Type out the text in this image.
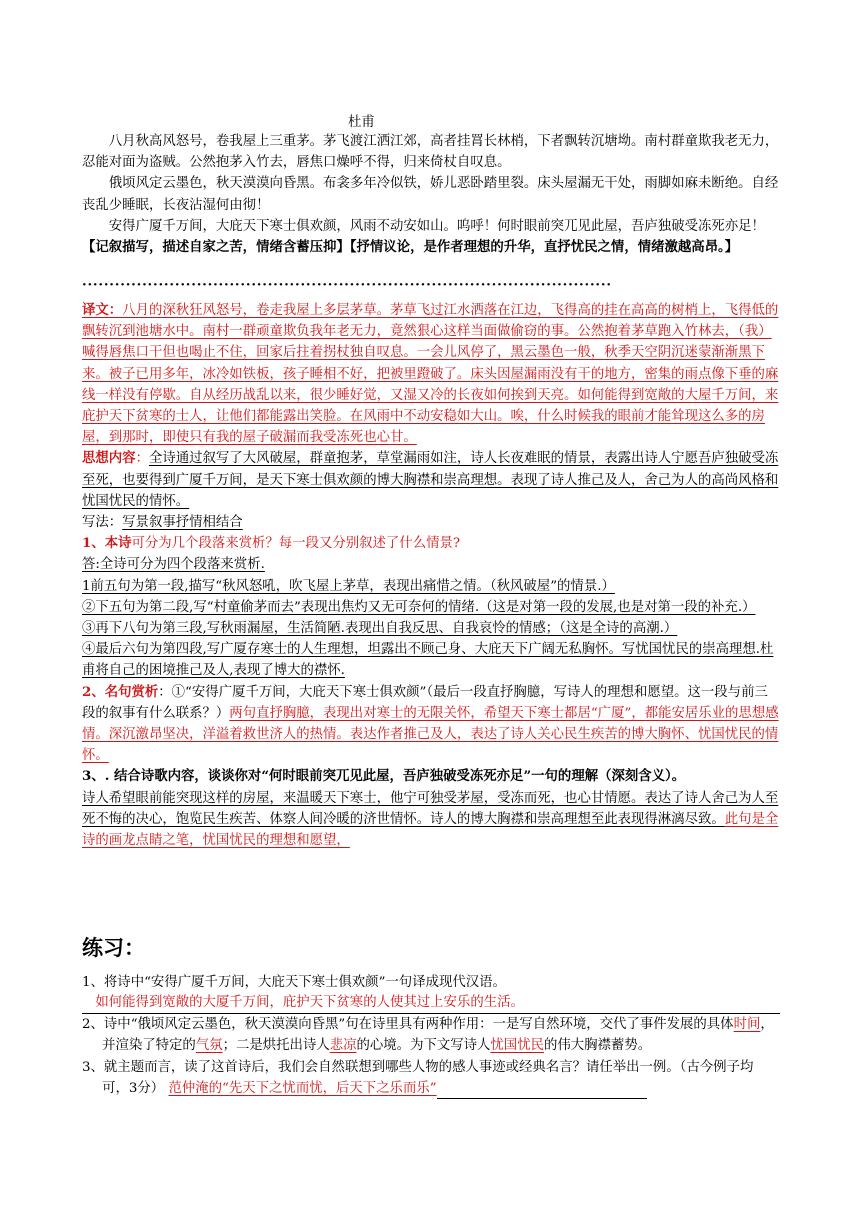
杜甫

八月秋高风怒号，卷我屋上三重茅。茅飞渡江洒江郊，高者挂罥长林梢，下者飘转沉塘坳。南村群童欺我老无力，忍能对面为盗贼。公然抱茅入竹去，唇焦口燥呼不得，归来倚杖自叹息。

俄顷风定云墨色，秋天漠漠向昏黑。布衾多年冷似铁，娇儿恶卧踏里裂。床头屋漏无干处，雨脚如麻未断绝。自经丧乱少睡眠，长夜沾湿何由彻！

安得广厦千万间，大庇天下寒士俱欢颜，风雨不动安如山。呜呼！何时眼前突兀见此屋，吾庐独破受冻死亦足！

【记叙描写，描述自家之苦，情绪含蓄压抑】【抒情议论，是作者理想的升华，直抒忧民之情，情绪激越高昂。】

·································································································

译文：八月的深秋狂风怒号，卷走我屋上多层茅草。茅草飞过江水洒落在江边，飞得高的挂在高高的树梢上，飞得低的飘转沉到池塘水中。南村一群顽童欺负我年老无力，竟然狠心这样当面做偷窃的事。公然抱着茅草跑入竹林去，（我）喊得唇焦口干但也喝止不住，回家后拄着拐杖独自叹息。一会儿风停了，黑云墨色一般，秋季天空阴沉迷蒙渐渐黑下来。被子已用多年，冰冷如铁板，孩子睡相不好，把被里蹬破了。床头因屋漏雨没有干的地方，密集的雨点像下垂的麻线一样没有停歇。自从经历战乱以来，很少睡好觉，又湿又冷的长夜如何挨到天亮。如何能得到宽敞的大屋千万间，来庇护天下贫寒的士人，让他们都能露出笑脸。在风雨中不动安稳如大山。唉，什么时候我的眼前才能耸现这么多的房屋，到那时，即使只有我的屋子破漏而我受冻死也心甘。

思想内容：全诗通过叙写了大风破屋，群童抱茅，草堂漏雨如注，诗人长夜难眠的情景，表露出诗人宁愿吾庐独破受冻至死，也要得到广厦千万间，是天下寒士俱欢颜的博大胸襟和崇高理想。表现了诗人推己及人，舍己为人的高尚风格和忧国忧民的情怀。

写法：写景叙事抒情相结合

1、本诗可分为几个段落来赏析？每一段又分别叙述了什么情景?

答:全诗可分为四个段落来赏析.

1前五句为第一段,描写“秋风怒吼，吹飞屋上茅草，表现出痛惜之情。（秋风破屋”的情景.）

②下五句为第二段,写“村童偷茅而去”表现出焦灼又无可奈何的情绪.（这是对第一段的发展,也是对第一段的补充.）

③再下八句为第三段,写秋雨漏屋，生活简陋.表现出自我反思、自我哀怜的情感；（这是全诗的高潮.）

④最后六句为第四段,写广厦存寒士的人生理想，坦露出不顾己身、大庇天下广阔无私胸怀。写忧国忧民的崇高理想.杜甫将自己的困境推己及人,表现了博大的襟怀.

2、名句赏析：①“安得广厦千万间，大庇天下寒士俱欢颜”（最后一段直抒胸臆，写诗人的理想和愿望。这一段与前三段的叙事有什么联系？）两句直抒胸臆，表现出对寒士的无限关怀，希望天下寒士都居“广厦”，都能安居乐业的思想感情。深沉激昂坚决，洋溢着救世济人的热情。表达作者推己及人，表达了诗人关心民生疾苦的博大胸怀、忧国忧民的情怀。

3、. 结合诗歌内容，谈谈你对“何时眼前突兀见此屋，吾庐独破受冻死亦足”一句的理解（深刻含义）。

诗人希望眼前能突现这样的房屋，来温暖天下寒士，他宁可独受茅屋，受冻而死，也心甘情愿。表达了诗人舍己为人至死不悔的决心，饱览民生疾苦、体察人间冷暖的济世情怀。诗人的博大胸襟和崇高理想至此表现得淋漓尽致。此句是全诗的画龙点睛之笔，忧国忧民的理想和愿望，

练习：

1、将诗中“安得广厦千万间，大庇天下寒士俱欢颜”一句译成现代汉语。

如何能得到宽敞的大厦千万间，庇护天下贫寒的人使其过上安乐的生活。

2、诗中“俄顷风定云墨色，秋天漠漠向昏黑”句在诗里具有两种作用：一是写自然环境，交代了事件发展的具体时间，并渲染了特定的气氛；二是烘托出诗人悲凉的心境。为下文写诗人忧国忧民的伟大胸襟蓄势。

3、就主题而言，读了这首诗后，我们会自然联想到哪些人物的感人事迹或经典名言？请任举出一例。（古今例子均可，3分） 范仲淹的“先天下之忧而忧，后天下之乐而乐”
